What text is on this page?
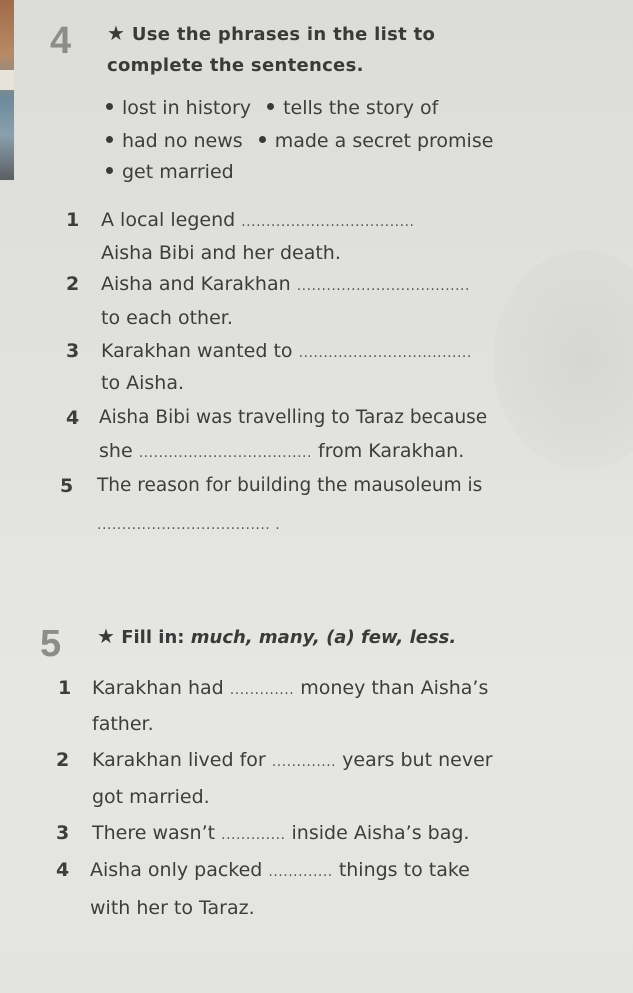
4 ★ Use the phrases in the list to
complete the sentences.
lost in history tells the story of
had no news made a secret promise
get married
1 A local legend ...................................
Aisha Bibi and her death.
2 Aisha and Karakhan ...................................
to each other.
3 Karakhan wanted to ...................................
to Aisha.
4 Aisha Bibi was travelling to Taraz because
she ................................... from Karakhan.
5 The reason for building the mausoleum is
................................... .
5 ★ Fill in: much, many, (a) few, less.
1 Karakhan had ............. money than Aisha’s
father.
2 Karakhan lived for ............. years but never
got married.
3 There wasn’t ............. inside Aisha’s bag.
4 Aisha only packed ............. things to take
with her to Taraz.
